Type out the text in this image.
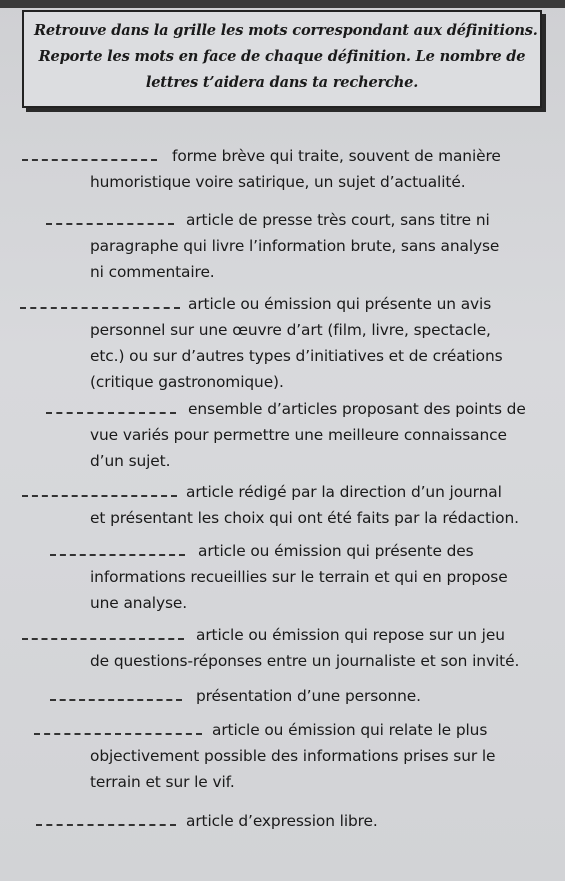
Retrouve dans la grille les mots correspondant aux définitions.
Reporte les mots en face de chaque définition. Le nombre de
lettres t’aidera dans ta recherche.
forme brève qui traite, souvent de manière
humoristique voire satirique, un sujet d’actualité.
article de presse très court, sans titre ni
paragraphe qui livre l’information brute, sans analyse
ni commentaire.
article ou émission qui présente un avis
personnel sur une œuvre d’art (film, livre, spectacle,
etc.) ou sur d’autres types d’initiatives et de créations
(critique gastronomique).
ensemble d’articles proposant des points de
vue variés pour permettre une meilleure connaissance
d’un sujet.
article rédigé par la direction d’un journal
et présentant les choix qui ont été faits par la rédaction.
article ou émission qui présente des
informations recueillies sur le terrain et qui en propose
une analyse.
article ou émission qui repose sur un jeu
de questions-réponses entre un journaliste et son invité.
présentation d’une personne.
article ou émission qui relate le plus
objectivement possible des informations prises sur le
terrain et sur le vif.
article d’expression libre.
